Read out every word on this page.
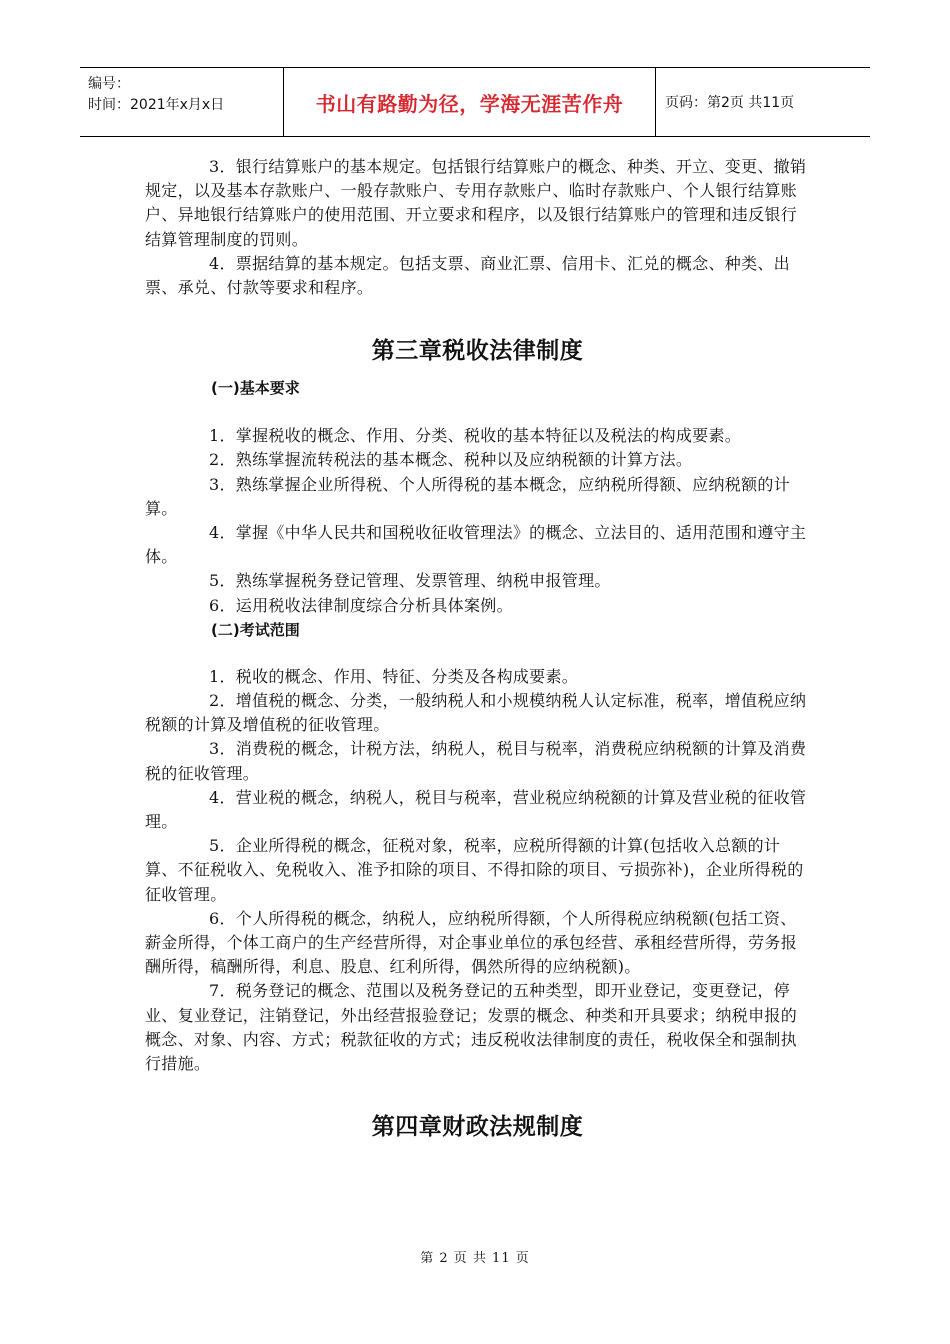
编号：
时间：2021年x月x日	书山有路勤为径，学海无涯苦作舟	页码：第2页 共11页

3．银行结算账户的基本规定。包括银行结算账户的概念、种类、开立、变更、撤销规定，以及基本存款账户、一般存款账户、专用存款账户、临时存款账户、个人银行结算账户、异地银行结算账户的使用范围、开立要求和程序，以及银行结算账户的管理和违反银行结算管理制度的罚则。

4．票据结算的基本规定。包括支票、商业汇票、信用卡、汇兑的概念、种类、出票、承兑、付款等要求和程序。

第三章税收法律制度
(一)基本要求

1．掌握税收的概念、作用、分类、税收的基本特征以及税法的构成要素。

2．熟练掌握流转税法的基本概念、税种以及应纳税额的计算方法。

3．熟练掌握企业所得税、个人所得税的基本概念，应纳税所得额、应纳税额的计算。

4．掌握《中华人民共和国税收征收管理法》的概念、立法目的、适用范围和遵守主体。

5．熟练掌握税务登记管理、发票管理、纳税申报管理。

6．运用税收法律制度综合分析具体案例。

(二)考试范围

1．税收的概念、作用、特征、分类及各构成要素。

2．增值税的概念、分类，一般纳税人和小规模纳税人认定标准，税率，增值税应纳税额的计算及增值税的征收管理。

3．消费税的概念，计税方法，纳税人，税目与税率，消费税应纳税额的计算及消费税的征收管理。

4．营业税的概念，纳税人，税目与税率，营业税应纳税额的计算及营业税的征收管理。

5．企业所得税的概念，征税对象，税率，应税所得额的计算(包括收入总额的计算、不征税收入、免税收入、准予扣除的项目、不得扣除的项目、亏损弥补)，企业所得税的征收管理。

6．个人所得税的概念，纳税人，应纳税所得额，个人所得税应纳税额(包括工资、薪金所得，个体工商户的生产经营所得，对企事业单位的承包经营、承租经营所得，劳务报酬所得，稿酬所得，利息、股息、红利所得，偶然所得的应纳税额)。

7．税务登记的概念、范围以及税务登记的五种类型，即开业登记，变更登记，停业、复业登记，注销登记，外出经营报验登记；发票的概念、种类和开具要求；纳税申报的概念、对象、内容、方式；税款征收的方式；违反税收法律制度的责任，税收保全和强制执行措施。

第四章财政法规制度
第 2 页 共 11 页
